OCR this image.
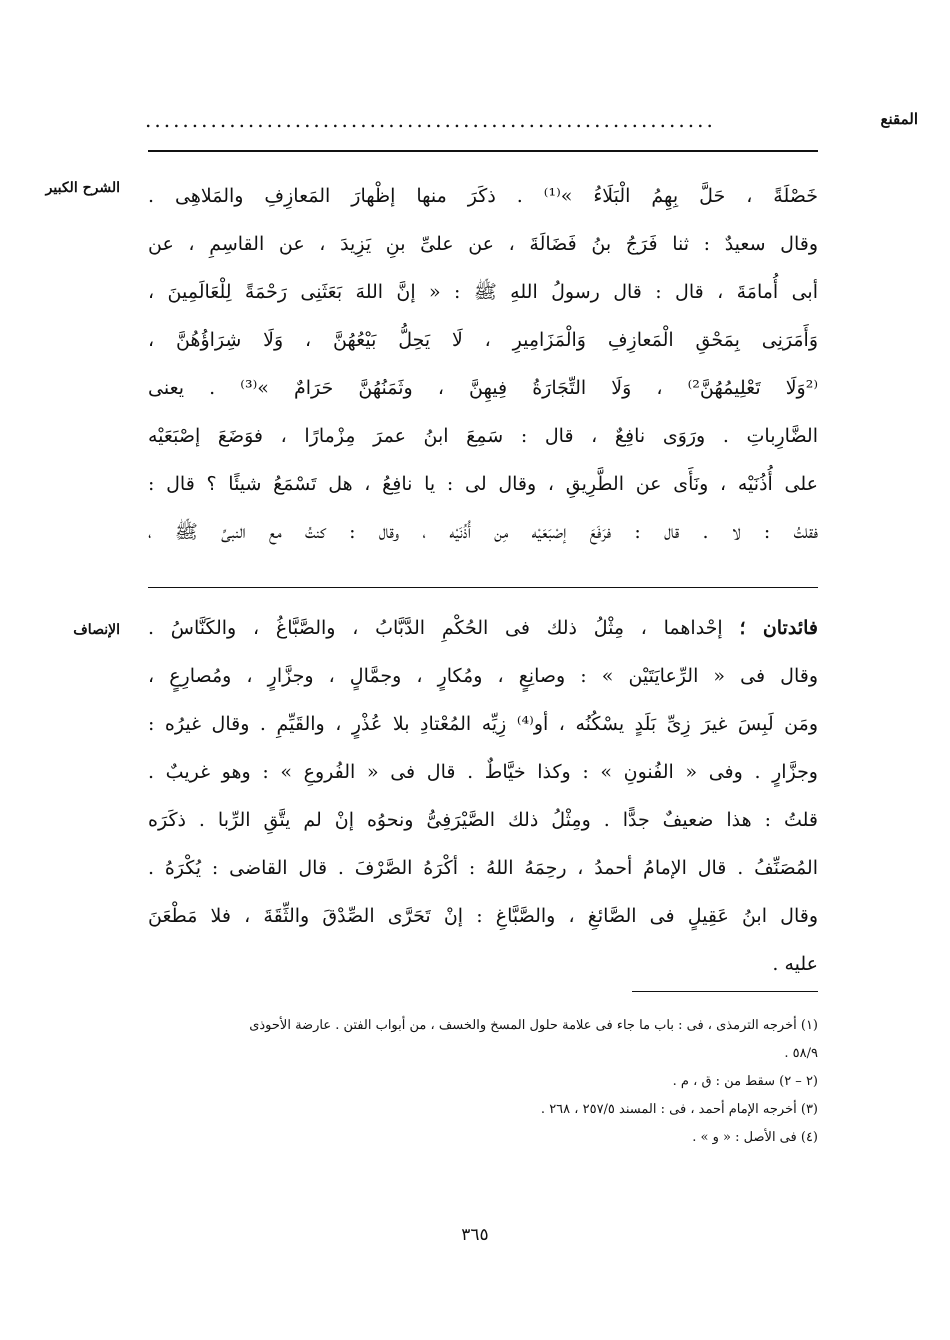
المقنع
.............................................................
الشرح الكبير خَصْلَةً ، حَلَّ بِهِمُ الْبَلَاءُ »⁽¹⁾ . ذكَرَ منها إظْهارَ المَعازِفِ والمَلاهِى .
وقال سعيدٌ : ثنا فَرَجُ بنُ فَضَالَةَ ، عن علىِّ بنِ يَزِيدَ ، عن القاسِمِ ، عن
أبى أُمامَةَ ، قال : قال رسولُ اللهِ ﷺ : « إنَّ اللهَ بَعَثَنِى رَحْمَةً لِلْعَالَمِينَ ،
وَأَمَرَنِى بِمَحْقِ الْمَعازِفِ وَالْمَزَامِيرِ ، لَا يَحِلُّ بَيْعُهُنَّ ، وَلَا شِرَاؤُهُنَّ ،
⁽²وَلَا تَعْلِيمُهُنَّ²⁾ ، وَلَا التِّجَارَةُ فِيهِنَّ ، وثَمَنُهُنَّ حَرَامٌ »⁽³⁾ . يعنى
الضَّارِباتِ . ورَوَى نافِعٌ ، قال : سَمِعَ ابنُ عمرَ مِزْمارًا ، فوَضَعَ إصْبَعَيْه
على أُذُنَيْه ، ونَأَى عن الطَّرِيقِ ، وقال لى : يا نافِعُ ، هل تَسْمَعُ شيئًا ؟ قال :
فقلتُ : لا . قال : فرَفَعَ إصْبَعَيْه مِن أُذُنَيْه ، وقال : كنتُ مع النبىِّ ﷺ ،
الإنصاف	فائدتان ؛ إحْداهما ، مِثْلُ ذلك فى الحُكْمِ الدَّبَّابُ ، والصَّبَّاغُ ، والكَنَّاسُ .
وقال فى « الرِّعايَتَيْن » : وصانِعٍ ، ومُكارٍ ، وجمَّالٍ ، وجزَّارٍ ، ومُصارِعٍ ،
ومَن لَبِسَ غيرَ زِىِّ بَلَدٍ يسْكُنُه ، أو⁽⁴⁾ زِيِّه المُعْتادِ بلا عُذْرٍ ، والقَيِّمِ . وقال غيرُه :
وجزَّارٍ . وفى « الفُنونِ » : وكذا خيَّاطٌ . قال فى « الفُروعِ » : وهو غريبٌ .
قلتُ : هذا ضعيفٌ جدًّا . ومِثْلُ ذلك الصَّيْرَفِىُّ ونحوُه إنْ لم يتَّقِ الرِّبا . ذكَرَه
المُصَنِّفُ . قال الإمامُ أحمدُ ، رحِمَهُ اللهُ : أكْرَهُ الصَّرْفَ . قال القاضى : يُكْرَهُ .
وقال ابنُ عَقِيلٍ فى الصَّائغِ ، والصَّبَّاغِ : إنْ تَحَرَّى الصِّدْقَ والثِّقَةَ ، فلا مَطْعَنَ
عليه .
(١) أخرجه الترمذى ، فى : باب ما جاء فى علامة حلول المسخ والخسف ، من أبواب الفتن . عارضة الأحوذى
٥٨/٩ .
(٢ – ٢) سقط من : ق ، م .
(٣) أخرجه الإمام أحمد ، فى : المسند ٢٥٧/٥ ، ٢٦٨ .
(٤) فى الأصل : « و » .
٣٦٥
